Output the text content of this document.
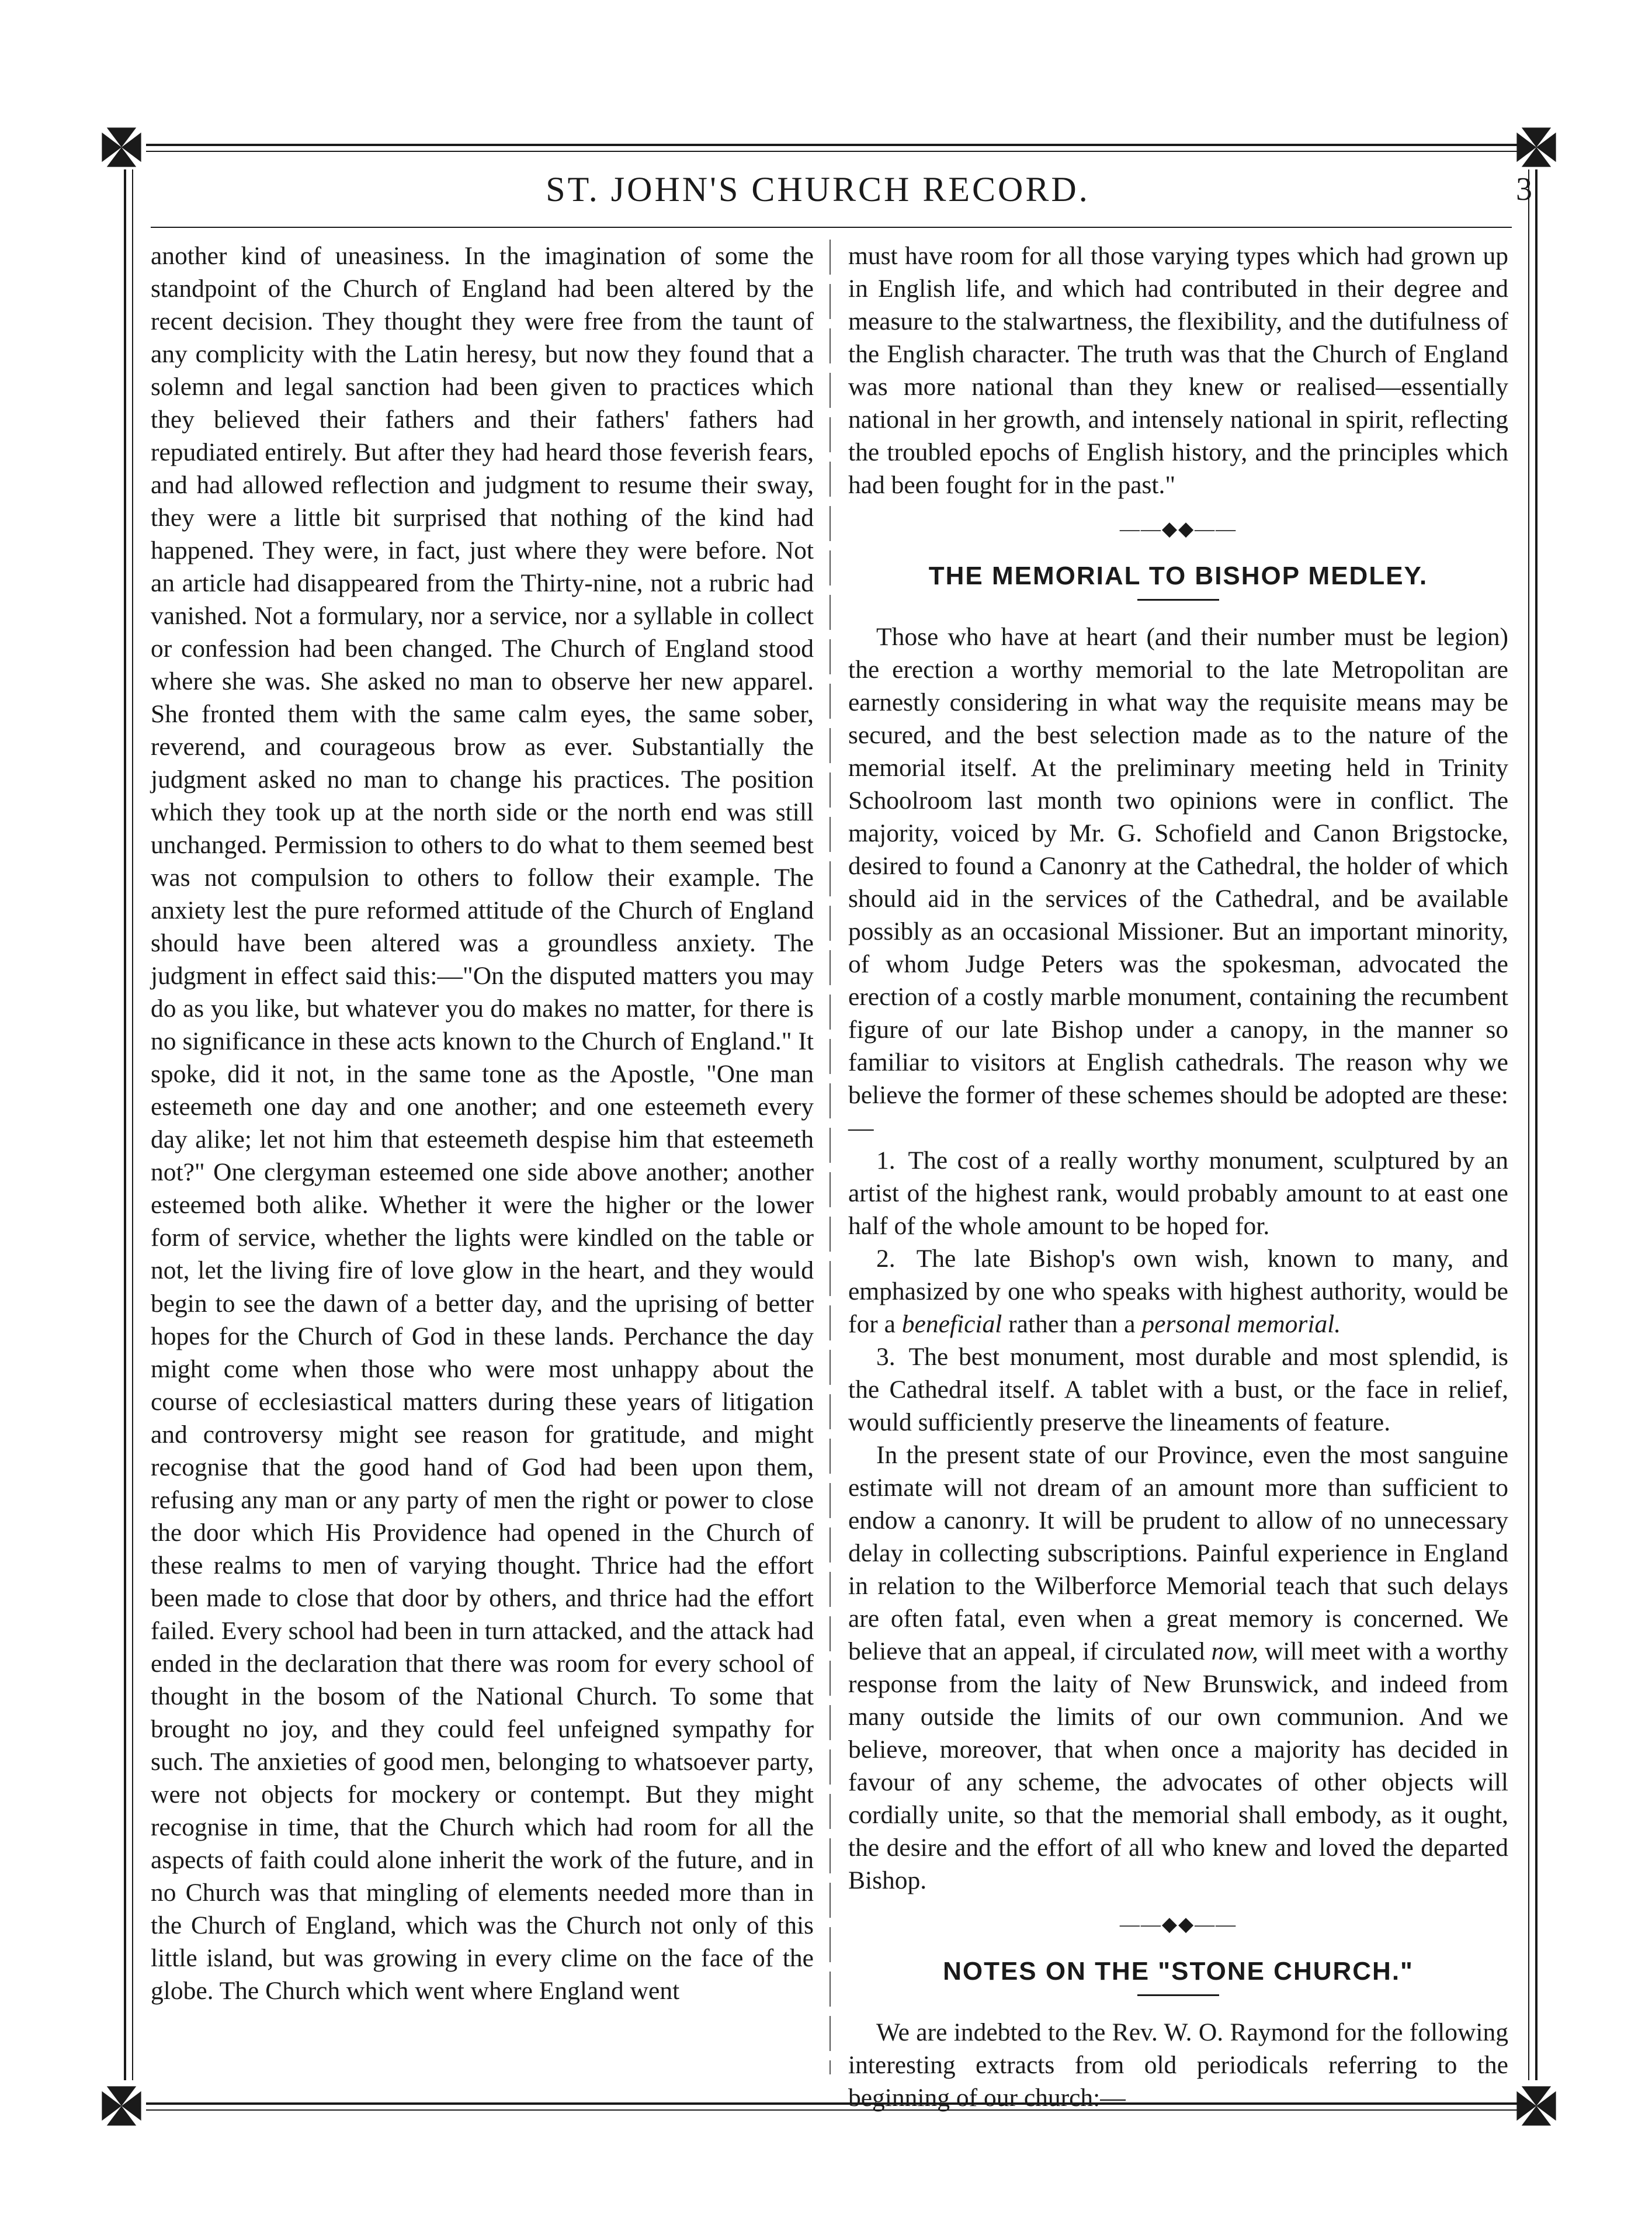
ST. JOHN'S CHURCH RECORD.	3

another kind of uneasiness. In the imagination of some the standpoint of the Church of England had been altered by the recent decision. They thought they were free from the taunt of any complicity with the Latin heresy, but now they found that a solemn and legal sanction had been given to practices which they believed their fathers and their fathers' fathers had repudiated entirely. But after they had heard those feverish fears, and had allowed reflection and judgment to resume their sway, they were a little bit surprised that nothing of the kind had happened. They were, in fact, just where they were before. Not an article had disappeared from the Thirty-nine, not a rubric had vanished. Not a formulary, nor a service, nor a syllable in collect or confession had been changed. The Church of England stood where she was. She asked no man to observe her new apparel. She fronted them with the same calm eyes, the same sober, reverend, and courageous brow as ever. Substantially the judgment asked no man to change his practices. The position which they took up at the north side or the north end was still unchanged. Permission to others to do what to them seemed best was not compulsion to others to follow their example. The anxiety lest the pure reformed attitude of the Church of England should have been altered was a groundless anxiety. The judgment in effect said this:—"On the disputed matters you may do as you like, but whatever you do makes no matter, for there is no significance in these acts known to the Church of England." It spoke, did it not, in the same tone as the Apostle, "One man esteemeth one day and one another; and one esteemeth every day alike; let not him that esteemeth despise him that esteemeth not?" One clergyman esteemed one side above another; another esteemed both alike. Whether it were the higher or the lower form of service, whether the lights were kindled on the table or not, let the living fire of love glow in the heart, and they would begin to see the dawn of a better day, and the uprising of better hopes for the Church of God in these lands. Perchance the day might come when those who were most unhappy about the course of ecclesiastical matters during these years of litigation and controversy might see reason for gratitude, and might recognise that the good hand of God had been upon them, refusing any man or any party of men the right or power to close the door which His Providence had opened in the Church of these realms to men of varying thought. Thrice had the effort been made to close that door by others, and thrice had the effort failed. Every school had been in turn attacked, and the attack had ended in the declaration that there was room for every school of thought in the bosom of the National Church. To some that brought no joy, and they could feel unfeigned sympathy for such. The anxieties of good men, belonging to whatsoever party, were not objects for mockery or contempt. But they might recognise in time, that the Church which had room for all the aspects of faith could alone inherit the work of the future, and in no Church was that mingling of elements needed more than in the Church of England, which was the Church not only of this little island, but was growing in every clime on the face of the globe. The Church which went where England went

must have room for all those varying types which had grown up in English life, and which had contributed in their degree and measure to the stalwartness, the flexibility, and the dutifulness of the English character. The truth was that the Church of England was more national than they knew or realised—essentially national in her growth, and intensely national in spirit, reflecting the troubled epochs of English history, and the principles which had been fought for in the past."

——◆◆——
THE MEMORIAL TO BISHOP MEDLEY.

Those who have at heart (and their number must be legion) the erection a worthy memorial to the late Metropolitan are earnestly considering in what way the requisite means may be secured, and the best selection made as to the nature of the memorial itself. At the preliminary meeting held in Trinity Schoolroom last month two opinions were in conflict. The majority, voiced by Mr. G. Schofield and Canon Brigstocke, desired to found a Canonry at the Cathedral, the holder of which should aid in the services of the Cathedral, and be available possibly as an occasional Missioner. But an important minority, of whom Judge Peters was the spokesman, advocated the erection of a costly marble monument, containing the recumbent figure of our late Bishop under a canopy, in the manner so familiar to visitors at English cathedrals. The reason why we believe the former of these schemes should be adopted are these:—

1. The cost of a really worthy monument, sculptured by an artist of the highest rank, would probably amount to at east one half of the whole amount to be hoped for.
2. The late Bishop's own wish, known to many, and emphasized by one who speaks with highest authority, would be for a beneficial rather than a personal memorial.
3. The best monument, most durable and most splendid, is the Cathedral itself. A tablet with a bust, or the face in relief, would sufficiently preserve the lineaments of feature.

In the present state of our Province, even the most sanguine estimate will not dream of an amount more than sufficient to endow a canonry. It will be prudent to allow of no unnecessary delay in collecting subscriptions. Painful experience in England in relation to the Wilberforce Memorial teach that such delays are often fatal, even when a great memory is concerned. We believe that an appeal, if circulated now, will meet with a worthy response from the laity of New Brunswick, and indeed from many outside the limits of our own communion. And we believe, moreover, that when once a majority has decided in favour of any scheme, the advocates of other objects will cordially unite, so that the memorial shall embody, as it ought, the desire and the effort of all who knew and loved the departed Bishop.

——◆◆——
NOTES ON THE "STONE CHURCH."

We are indebted to the Rev. W. O. Raymond for the following interesting extracts from old periodicals referring to the beginning of our church:—
